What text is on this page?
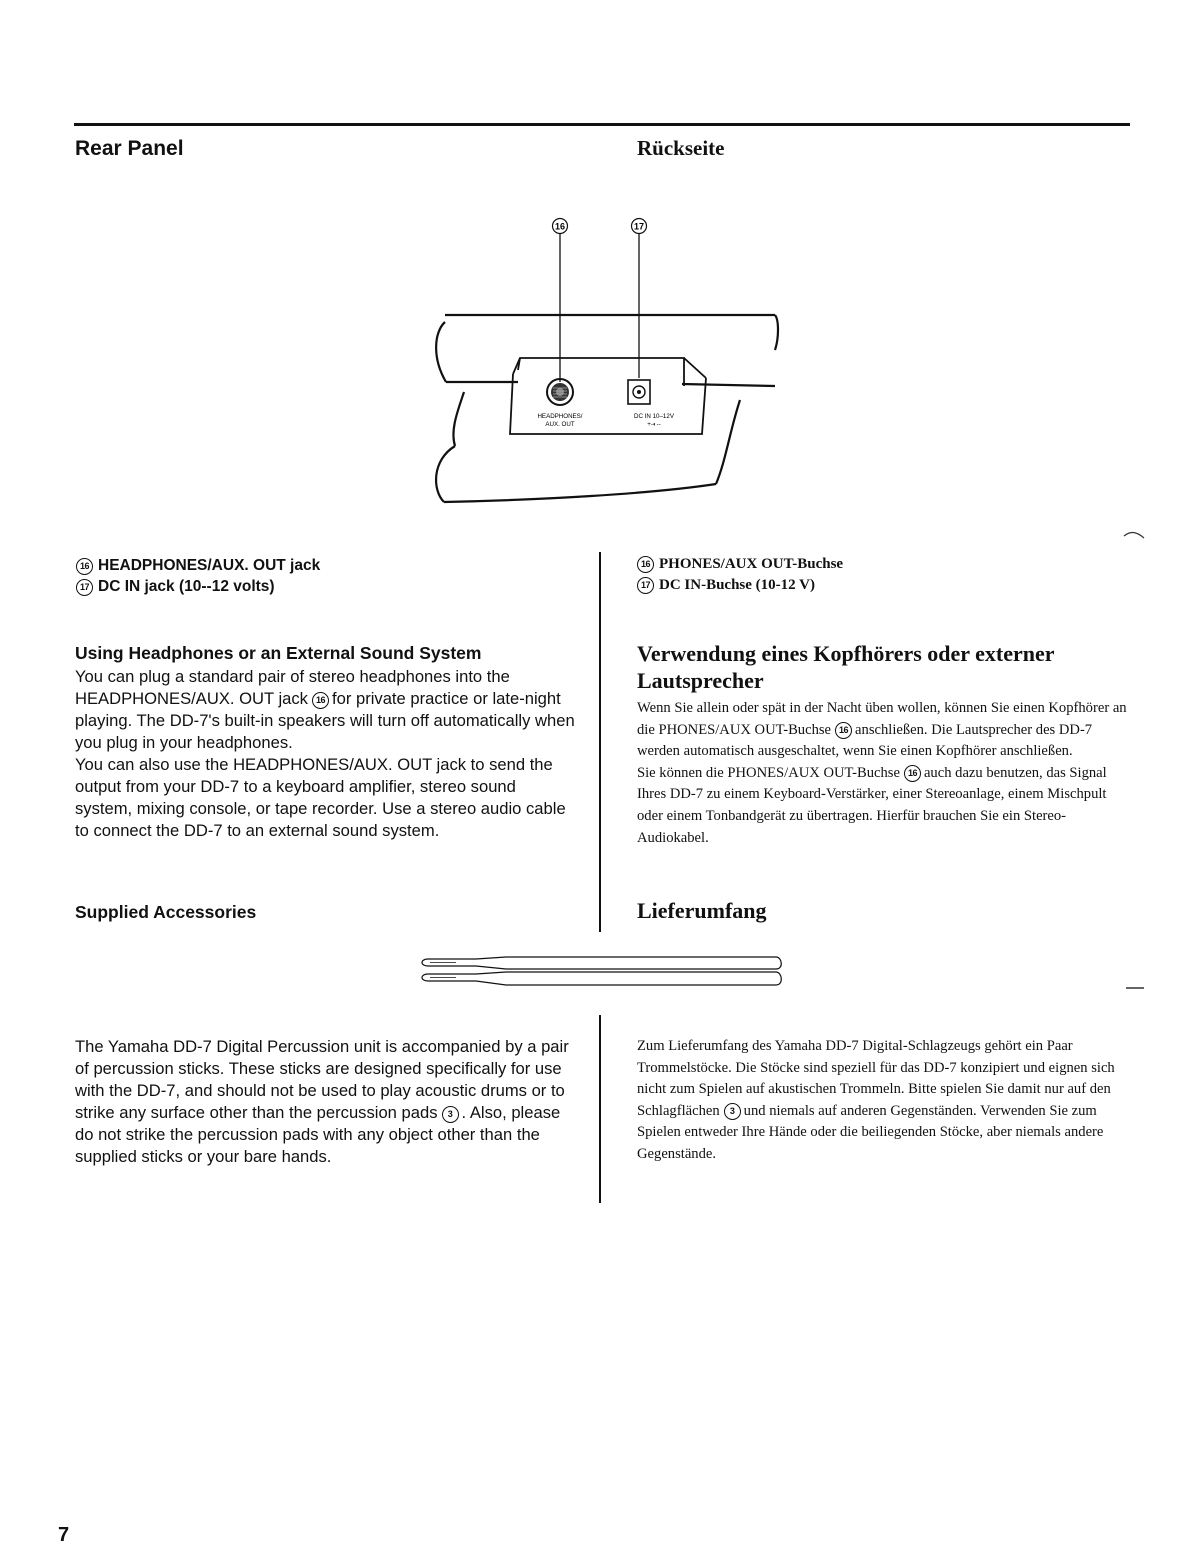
Rear Panel	Rückseite
16	17
HEADPHONES/
AUX. OUT
DC IN 10–12V
+-◐--
16 HEADPHONES/AUX. OUT jack
17 DC IN jack (10--12 volts)
16 PHONES/AUX OUT-Buchse
17 DC IN-Buchse (10-12 V)
Using Headphones or an External Sound System

You can plug a standard pair of stereo headphones into the HEADPHONES/AUX. OUT jack 16 for private practice or late-night playing. The DD-7's built-in speakers will turn off automatically when you plug in your headphones.

You can also use the HEADPHONES/AUX. OUT jack to send the output from your DD-7 to a keyboard amplifier, stereo sound system, mixing console, or tape recorder. Use a stereo audio cable to connect the DD-7 to an external sound system.

Verwendung eines Kopfhörers oder externer Lautsprecher

Wenn Sie allein oder spät in der Nacht üben wollen, können Sie einen Kopfhörer an die PHONES/AUX OUT-Buchse 16 anschließen. Die Lautsprecher des DD-7 werden automatisch ausgeschaltet, wenn Sie einen Kopfhörer anschließen.

Sie können die PHONES/AUX OUT-Buchse 16 auch dazu benutzen, das Signal Ihres DD-7 zu einem Keyboard-Verstärker, einer Stereoanlage, einem Mischpult oder einem Tonbandgerät zu übertragen. Hierfür brauchen Sie ein Stereo-Audiokabel.

Supplied Accessories	Lieferumfang

The Yamaha DD-7 Digital Percussion unit is accompanied by a pair of percussion sticks. These sticks are designed specifically for use with the DD-7, and should not be used to play acoustic drums or to strike any surface other than the percussion pads 3 . Also, please do not strike the percussion pads with any object other than the supplied sticks or your bare hands.

Zum Lieferumfang des Yamaha DD-7 Digital-Schlagzeugs gehört ein Paar Trommelstöcke. Die Stöcke sind speziell für das DD-7 konzipiert und eignen sich nicht zum Spielen auf akustischen Trommeln. Bitte spielen Sie damit nur auf den Schlagflächen 3 und niemals auf anderen Gegenständen. Verwenden Sie zum Spielen entweder Ihre Hände oder die beiliegenden Stöcke, aber niemals andere Gegenstände.

7
